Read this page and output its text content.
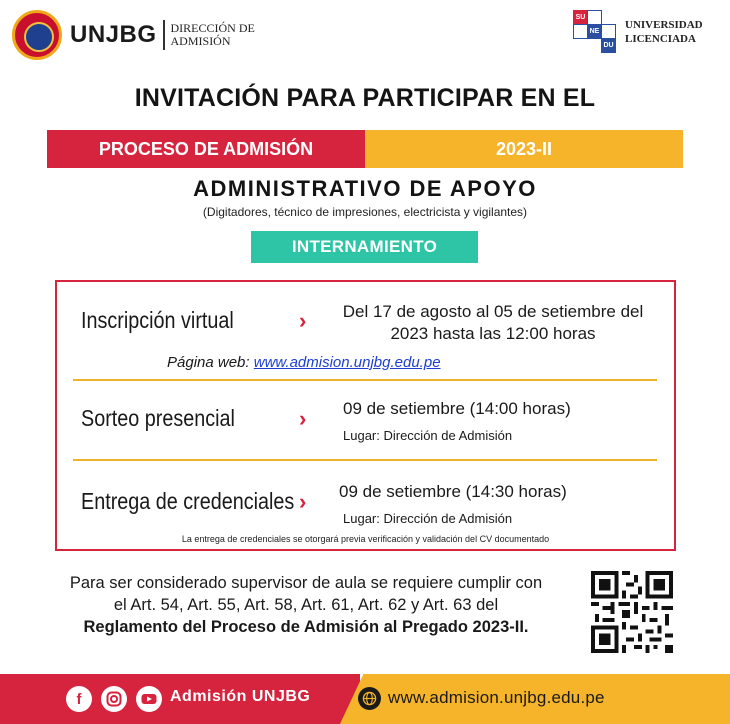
UNJBG DIRECCIÓN DE
ADMISIÓN
SU
NE
DU
UNIVERSIDAD
LICENCIADA
INVITACIÓN PARA PARTICIPAR EN EL
PROCESO DE ADMISIÓN	2023-II
ADMINISTRATIVO DE APOYO
(Digitadores, técnico de impresiones, electricista y vigilantes)
INTERNAMIENTO
Inscripción virtual	›	Del 17 de agosto al 05 de setiembre del
2023 hasta las 12:00 horas
Página web: www.admision.unjbg.edu.pe
Sorteo presencial	› 09 de setiembre (14:00 horas)
Lugar: Dirección de Admisión
Entrega de credenciales › 09 de setiembre (14:30 horas)
Lugar: Dirección de Admisión
La entrega de credenciales se otorgará previa verificación y validación del CV documentado
Para ser considerado supervisor de aula se requiere cumplir con
el Art. 54, Art. 55, Art. 58, Art. 61, Art. 62 y Art. 63 del
Reglamento del Proceso de Admisión al Pregado 2023-II.
f	Admisión UNJBG	www.admision.unjbg.edu.pe
